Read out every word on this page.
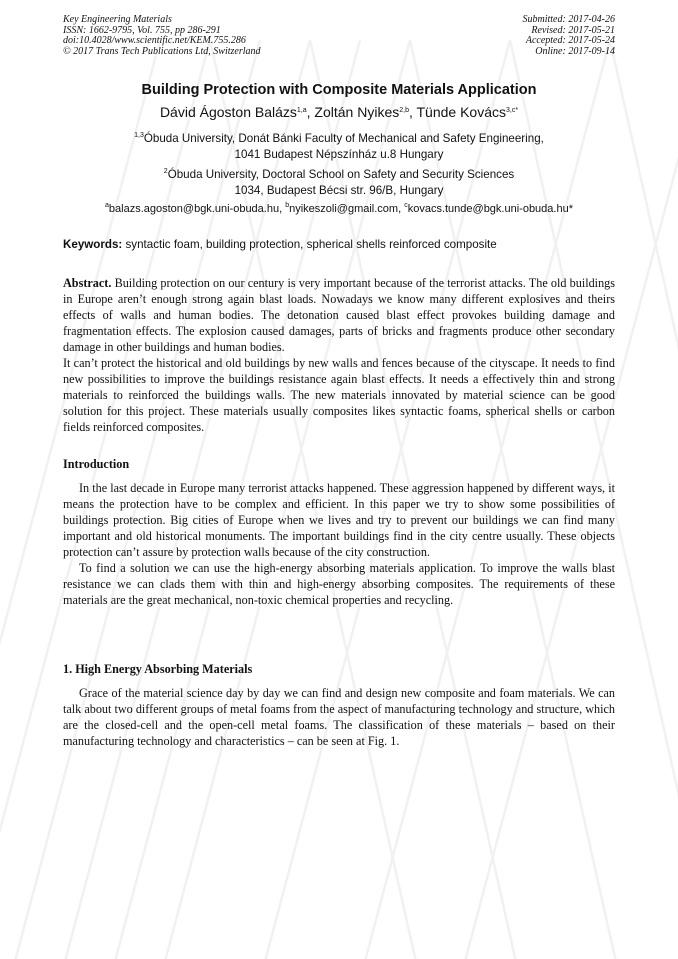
Key Engineering Materials
ISSN: 1662-9795, Vol. 755, pp 286-291
doi:10.4028/www.scientific.net/KEM.755.286
© 2017 Trans Tech Publications Ltd, Switzerland
Submitted: 2017-04-26
Revised: 2017-05-21
Accepted: 2017-05-24
Online: 2017-09-14
Building Protection with Composite Materials Application
Dávid Ágoston Balázs$^{1,a}$, Zoltán Nyikes$^{2,b}$, Tünde Kovács$^{3,c*}$
$^{1,3}$Óbuda University, Donát Bánki Faculty of Mechanical and Safety Engineering,
1041 Budapest Népszínház u.8 Hungary
$^2$Óbuda University, Doctoral School on Safety and Security Sciences
1034, Budapest Bécsi str. 96/B, Hungary
$^a$balazs.agoston@bgk.uni-obuda.hu, $^b$nyikeszoli@gmail.com, $^c$kovacs.tunde@bgk.uni-obuda.hu*
Keywords: syntactic foam, building protection, spherical shells reinforced composite

Abstract. Building protection on our century is very important because of the terrorist attacks. The old buildings in Europe aren’t enough strong again blast loads. Nowadays we know many different explosives and theirs effects of walls and human bodies. The detonation caused blast effect provokes building damage and fragmentation effects. The explosion caused damages, parts of bricks and fragments produce other secondary damage in other buildings and human bodies.

It can’t protect the historical and old buildings by new walls and fences because of the cityscape. It needs to find new possibilities to improve the buildings resistance again blast effects. It needs a effectively thin and strong materials to reinforced the buildings walls. The new materials innovated by material science can be good solution for this project. These materials usually composites likes syntactic foams, spherical shells or carbon fields reinforced composites.

Introduction

In the last decade in Europe many terrorist attacks happened. These aggression happened by different ways, it means the protection have to be complex and efficient. In this paper we try to show some possibilities of buildings protection. Big cities of Europe when we lives and try to prevent our buildings we can find many important and old historical monuments. The important buildings find in the city centre usually. These objects protection can’t assure by protection walls because of the city construction.

To find a solution we can use the high-energy absorbing materials application. To improve the walls blast resistance we can clads them with thin and high-energy absorbing composites. The requirements of these materials are the great mechanical, non-toxic chemical properties and recycling.

1. High Energy Absorbing Materials

Grace of the material science day by day we can find and design new composite and foam materials. We can talk about two different groups of metal foams from the aspect of manufacturing technology and structure, which are the closed-cell and the open-cell metal foams. The classification of these materials – based on their manufacturing technology and characteristics – can be seen at Fig. 1.
